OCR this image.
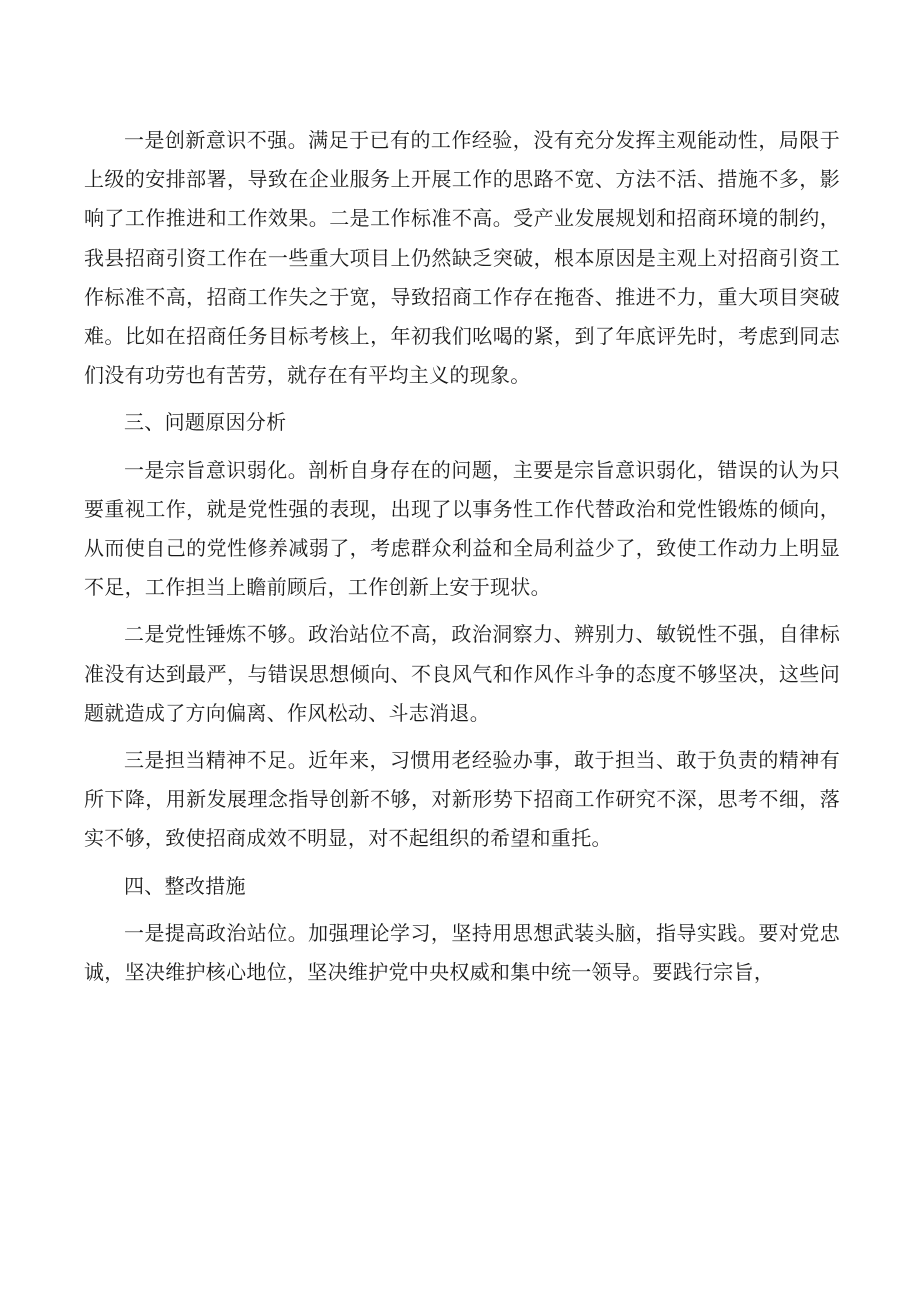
一是创新意识不强。满足于已有的工作经验，没有充分发挥主观能动性，局限于上级的安排部署，导致在企业服务上开展工作的思路不宽、方法不活、措施不多，影响了工作推进和工作效果。二是工作标准不高。受产业发展规划和招商环境的制约，我县招商引资工作在一些重大项目上仍然缺乏突破，根本原因是主观上对招商引资工作标准不高，招商工作失之于宽，导致招商工作存在拖沓、推进不力，重大项目突破难。比如在招商任务目标考核上，年初我们吆喝的紧，到了年底评先时，考虑到同志们没有功劳也有苦劳，就存在有平均主义的现象。

三、问题原因分析

一是宗旨意识弱化。剖析自身存在的问题，主要是宗旨意识弱化，错误的认为只要重视工作，就是党性强的表现，出现了以事务性工作代替政治和党性锻炼的倾向，从而使自己的党性修养减弱了，考虑群众利益和全局利益少了，致使工作动力上明显不足，工作担当上瞻前顾后，工作创新上安于现状。

二是党性锤炼不够。政治站位不高，政治洞察力、辨别力、敏锐性不强，自律标准没有达到最严，与错误思想倾向、不良风气和作风作斗争的态度不够坚决，这些问题就造成了方向偏离、作风松动、斗志消退。

三是担当精神不足。近年来，习惯用老经验办事，敢于担当、敢于负责的精神有所下降，用新发展理念指导创新不够，对新形势下招商工作研究不深，思考不细，落实不够，致使招商成效不明显，对不起组织的希望和重托。

四、整改措施

一是提高政治站位。加强理论学习，坚持用思想武装头脑，指导实践。要对党忠诚，坚决维护核心地位，坚决维护党中央权威和集中统一领导。要践行宗旨，
